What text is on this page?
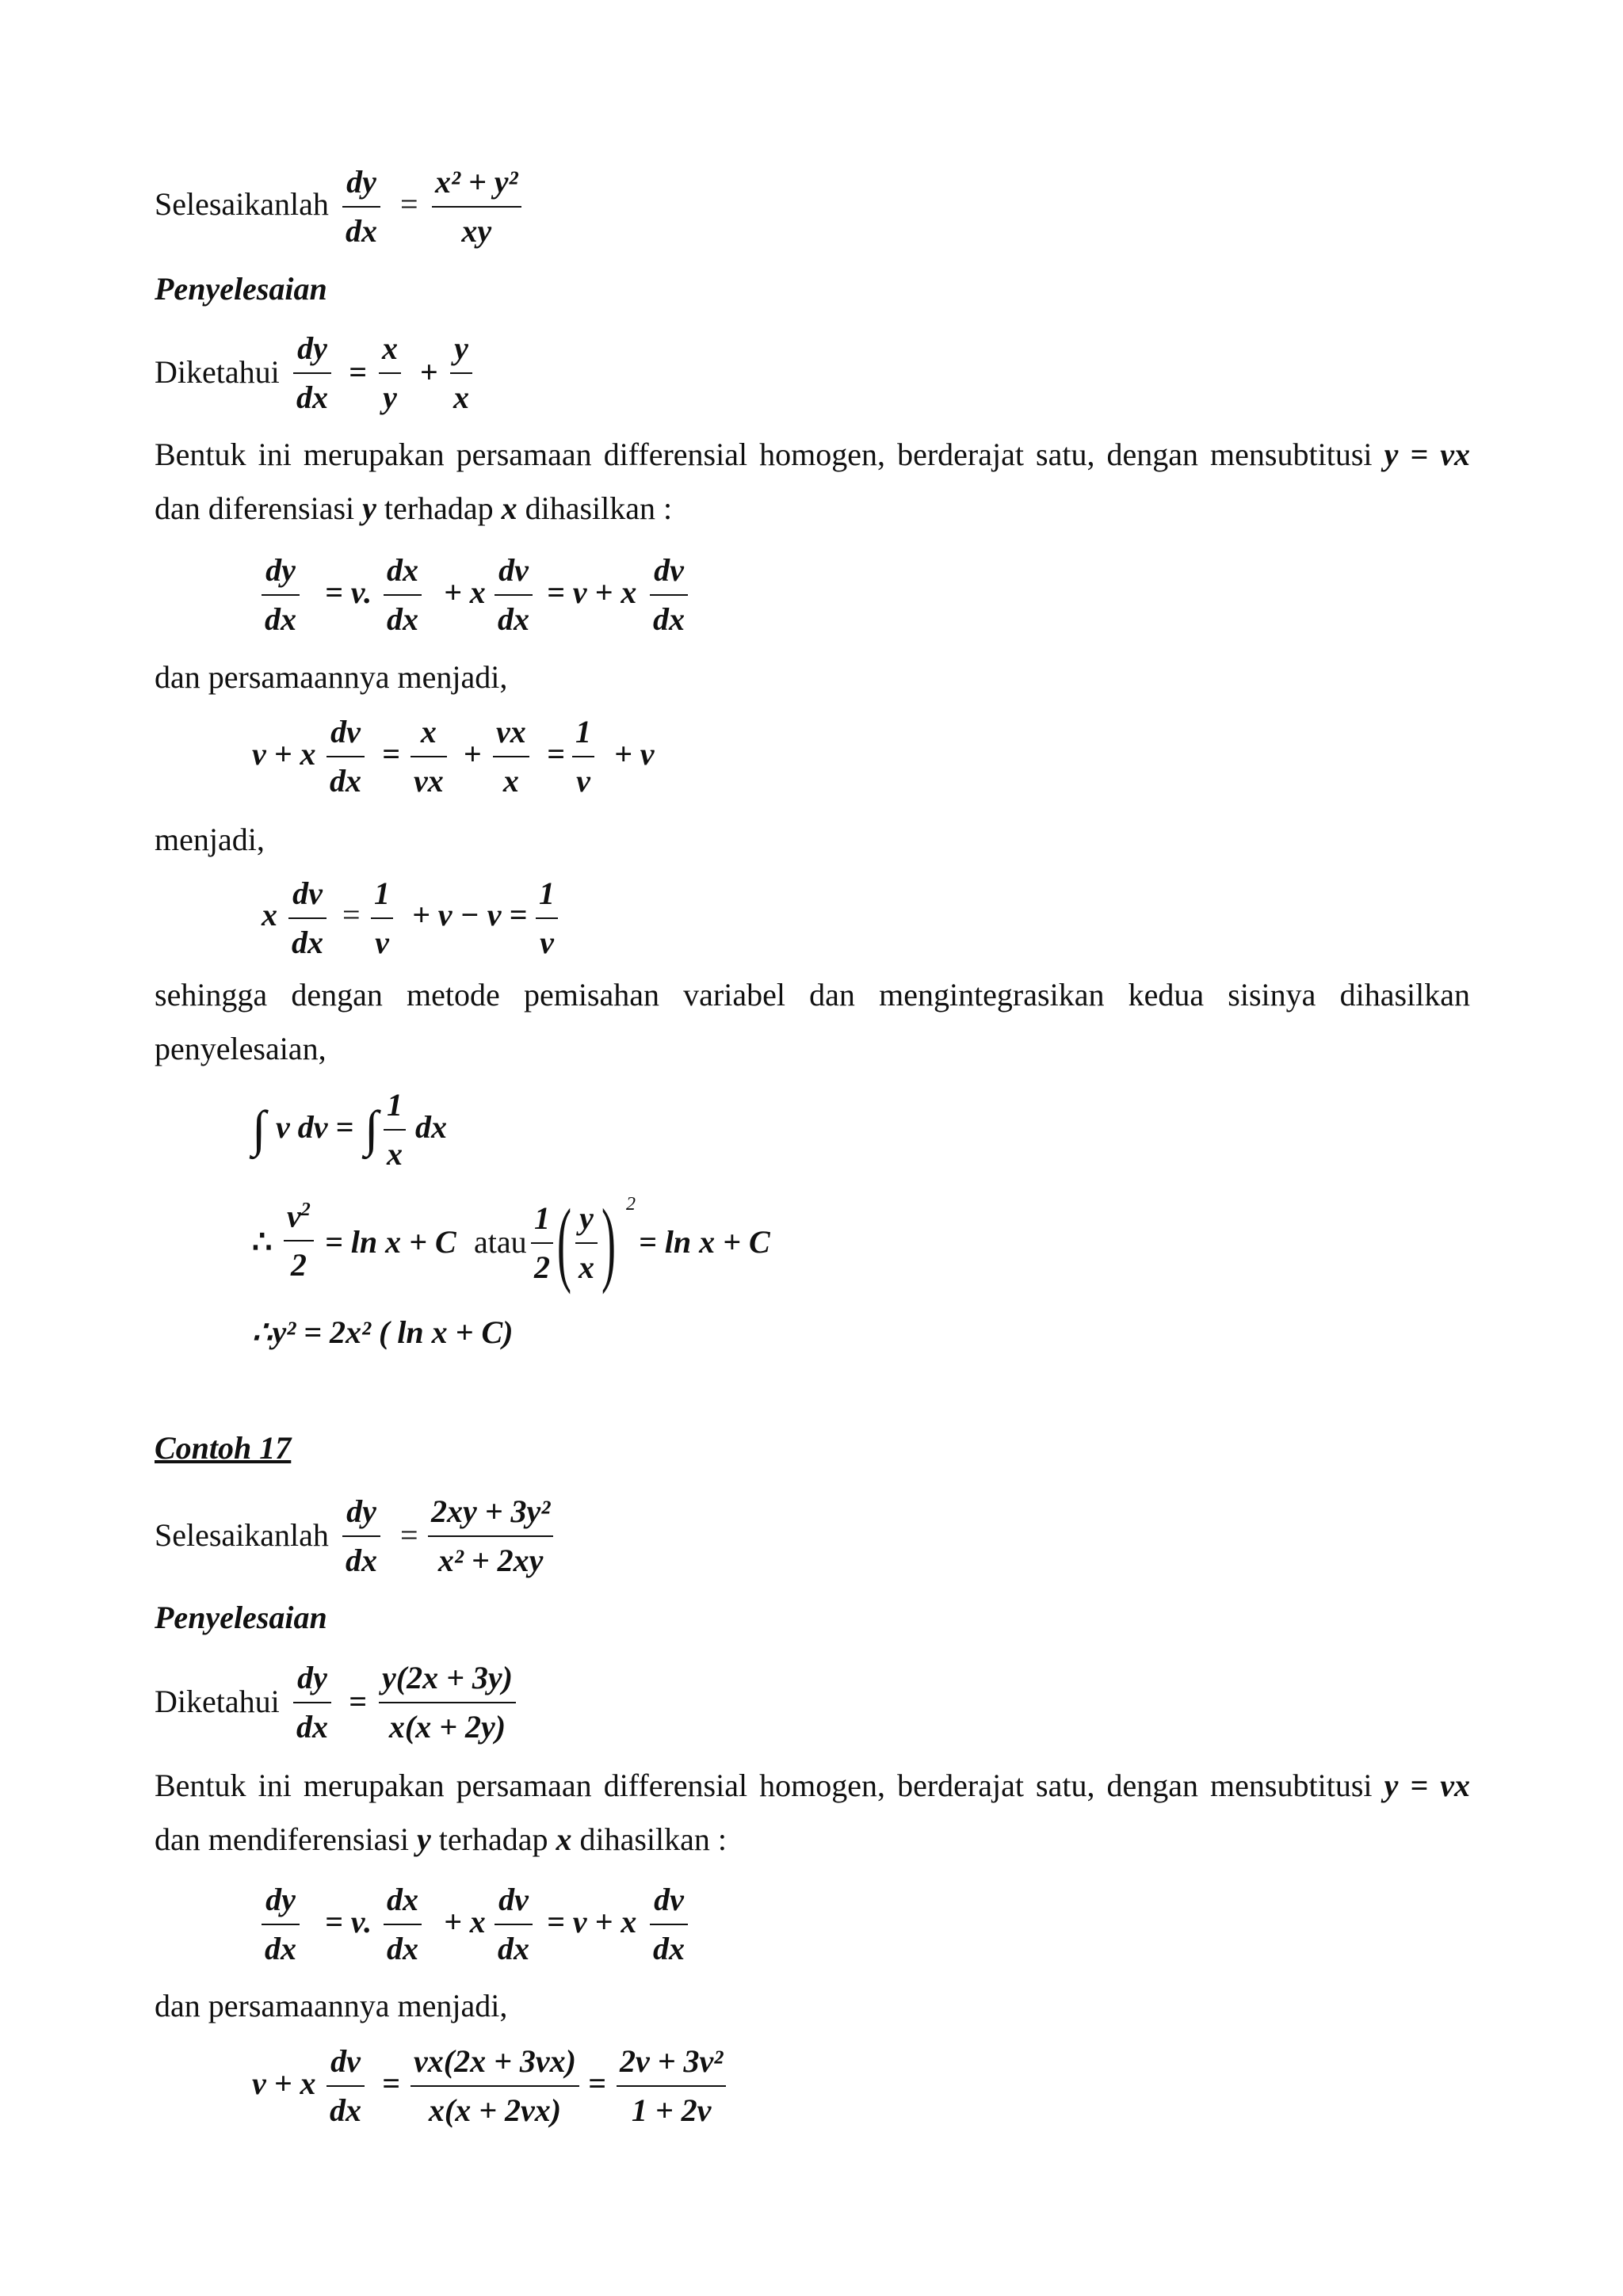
Selesaikanlah $\frac{dy}{dx} = \frac{\text{x² + y²}}{xy}$
Penyelesaian
Diketahui $\frac{dy}{dx} = \frac{x}{y} + \frac{y}{x}$
Bentuk ini merupakan persamaan differensial homogen, berderajat satu, dengan mensubtitusi y = vx
dan diferensiasi y terhadap x dihasilkan :
$\frac{dy}{dx} = v$. $\frac{dx}{dx} + x \frac{dv}{dx} = v + x \frac{dv}{dx}$
dan persamaannya menjadi,
v + x $\frac{dv}{dx} = \frac{x}{vx} + \frac{vx}{x} = \frac{1}{v} + v$
menjadi,
x $\frac{dv}{dx} = \frac{1}{v} + v - v = \frac{1}{v}$
sehingga dengan metode pemisahan variabel dan mengintegrasikan kedua sisinya dihasilkan
penyelesaian,
∫ v dv = ∫ $\frac{1}{x}$ dx
∴ $\frac{v^2}{2} = \ln x + C$ atau $\frac{1}{2}$ ( $\frac{y}{x}$ ) 2
= ln x + C
∴y² = 2x² ( ln x + C)
Contoh 17
Selesaikanlah $\frac{dy}{dx} = \frac{\text{2xy + 3y²}}{\text{x² + 2xy}}$
Penyelesaian
Diketahui $\frac{dy}{dx} = \frac{y(2x + 3y)}{x(x + 2y)}$
Bentuk ini merupakan persamaan differensial homogen, berderajat satu, dengan mensubtitusi y = vx
dan mendiferensiasi y terhadap x dihasilkan :
$\frac{dy}{dx} = v$. $\frac{dx}{dx} + x \frac{dv}{dx} = v + x \frac{dv}{dx}$
dan persamaannya menjadi,
v + x $\frac{dv}{dx} = \frac{vx(2x + 3vx)}{x(x + 2vx)} = \frac{\text{2v + 3v²}}{1 + 2v}$
